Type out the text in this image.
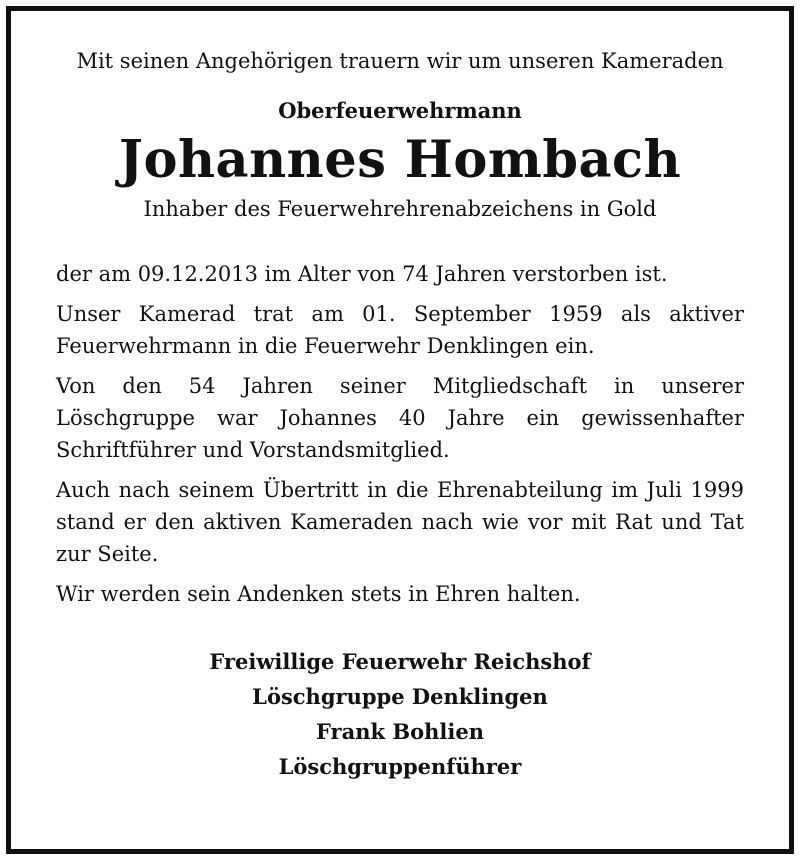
Mit seinen Angehörigen trauern wir um unseren Kameraden

Oberfeuerwehrmann

Johannes Hombach

Inhaber des Feuerwehrehrenabzeichens in Gold

der am 09.12.2013 im Alter von 74 Jahren verstorben ist.

Unser Kamerad trat am 01. September 1959 als aktiver Feuerwehrmann in die Feuerwehr Denklingen ein.

Von den 54 Jahren seiner Mitgliedschaft in unserer Löschgruppe war Johannes 40 Jahre ein gewissenhafter Schriftführer und Vorstandsmitglied.

Auch nach seinem Übertritt in die Ehrenabteilung im Juli 1999 stand er den aktiven Kameraden nach wie vor mit Rat und Tat zur Seite.

Wir werden sein Andenken stets in Ehren halten.

Freiwillige Feuerwehr Reichshof

Löschgruppe Denklingen

Frank Bohlien

Löschgruppenführer
